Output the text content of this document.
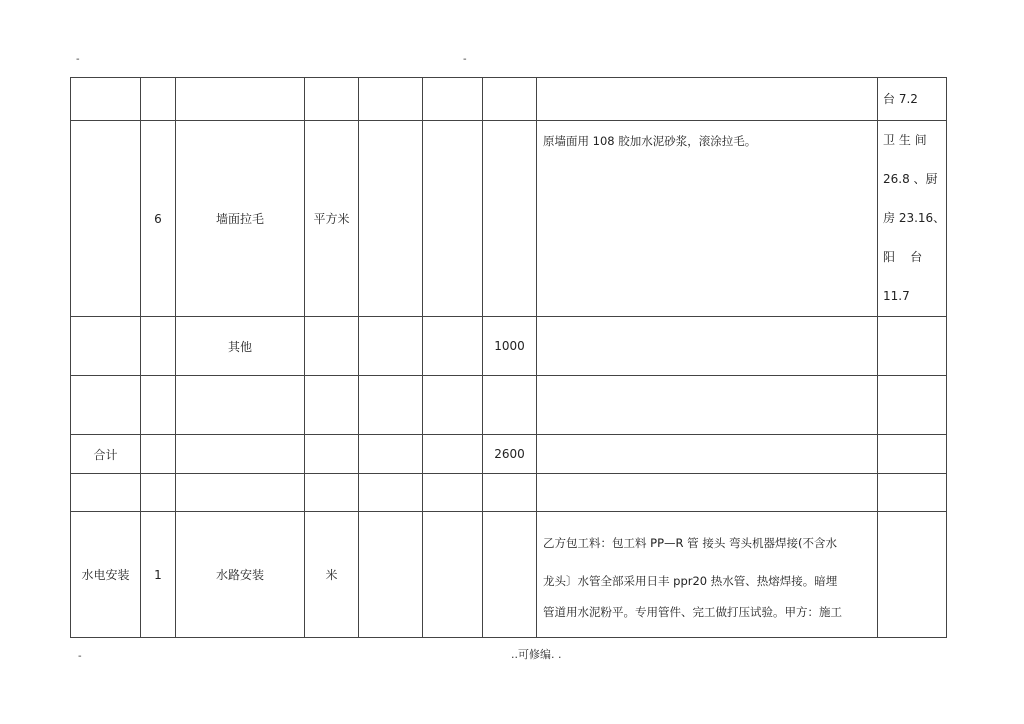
-	-
								台 7.2
	6	墙面拉毛	平方米				原墙面用 108 胶加水泥砂浆，滚涂拉毛。	卫 生 间
26.8 、厨
房 23.16、
阳    台
11.7

		其他				1000		

合计						2600		

水电安装	1	水路安装	米				乙方包工料：包工料 PP—R 管 接头 弯头机器焊接(不含水
龙头〕水管全部采用日丰 ppr20 热水管、热熔焊接。暗埋
管道用水泥粉平。专用管件、完工做打压试验。甲方：施工	

-	..可修编. .
